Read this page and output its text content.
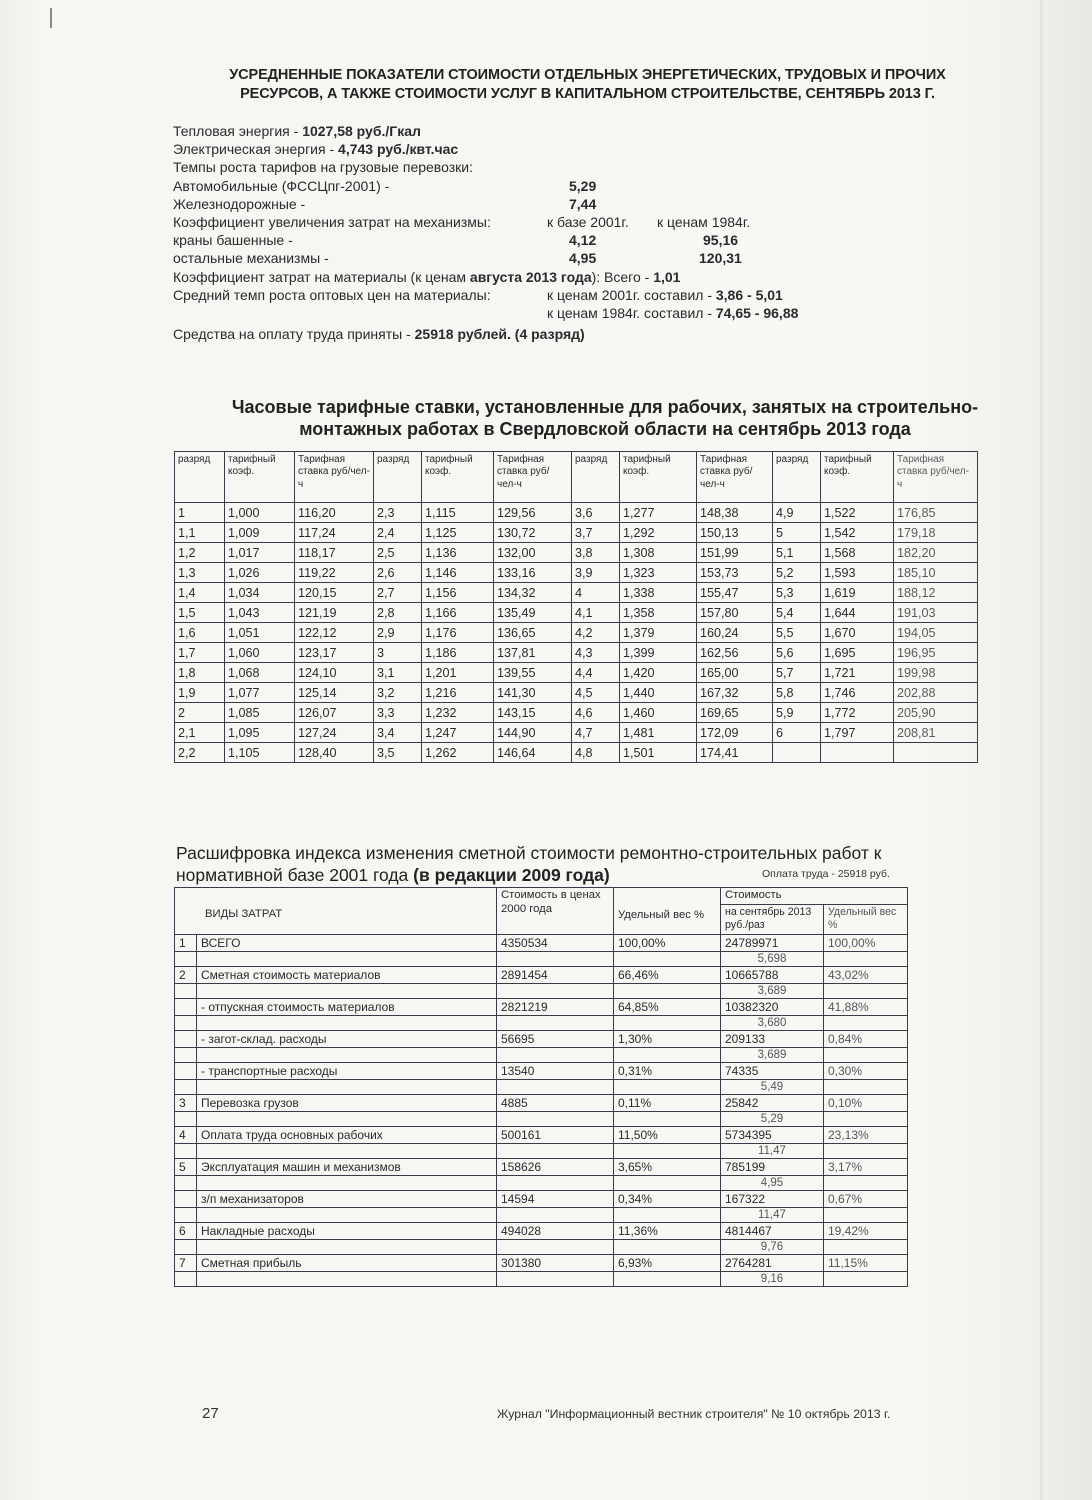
УСРЕДНЕННЫЕ ПОКАЗАТЕЛИ СТОИМОСТИ ОТДЕЛЬНЫХ ЭНЕРГЕТИЧЕСКИХ, ТРУДОВЫХ И ПРОЧИХ
РЕСУРСОВ, А ТАКЖЕ СТОИМОСТИ УСЛУГ В КАПИТАЛЬНОМ СТРОИТЕЛЬСТВЕ, СЕНТЯБРЬ 2013 Г.
Тепловая энергия - 1027,58 руб./Гкал
Электрическая энергия - 4,743 руб./квт.час
Темпы роста тарифов на грузовые перевозки:
Автомобильные (ФССЦпг-2001) -	5,29
Железнодорожные -	7,44
Коэффициент увеличения затрат на механизмы:	к базе 2001г. к ценам 1984г.
краны башенные -	4,12	95,16
остальные механизмы -	4,95	120,31
Коэффициент затрат на материалы (к ценам августа 2013 года): Всего - 1,01
Средний темп роста оптовых цен на материалы:	к ценам 2001г. составил - 3,86 - 5,01
к ценам 1984г. составил - 74,65 - 96,88
Средства на оплату труда приняты - 25918 рублей. (4 разряд)
Часовые тарифные ставки, установленные для рабочих, занятых на строительно-
монтажных работах в Свердловской области на сентябрь 2013 года
разряд	тарифный коэф.	Тарифная ставка руб/чел-ч	разряд	тарифный коэф.	Тарифная ставка руб/чел-ч	разряд	тарифный коэф.	Тарифная ставка руб/чел-ч	разряд	тарифный коэф.	Тарифная ставка руб/чел-ч
1	1,000	116,20	2,3	1,115	129,56	3,6	1,277	148,38	4,9	1,522	176,85
1,1	1,009	117,24	2,4	1,125	130,72	3,7	1,292	150,13	5	1,542	179,18
1,2	1,017	118,17	2,5	1,136	132,00	3,8	1,308	151,99	5,1	1,568	182,20
1,3	1,026	119,22	2,6	1,146	133,16	3,9	1,323	153,73	5,2	1,593	185,10
1,4	1,034	120,15	2,7	1,156	134,32	4	1,338	155,47	5,3	1,619	188,12
1,5	1,043	121,19	2,8	1,166	135,49	4,1	1,358	157,80	5,4	1,644	191,03
1,6	1,051	122,12	2,9	1,176	136,65	4,2	1,379	160,24	5,5	1,670	194,05
1,7	1,060	123,17	3	1,186	137,81	4,3	1,399	162,56	5,6	1,695	196,95
1,8	1,068	124,10	3,1	1,201	139,55	4,4	1,420	165,00	5,7	1,721	199,98
1,9	1,077	125,14	3,2	1,216	141,30	4,5	1,440	167,32	5,8	1,746	202,88
2	1,085	126,07	3,3	1,232	143,15	4,6	1,460	169,65	5,9	1,772	205,90
2,1	1,095	127,24	3,4	1,247	144,90	4,7	1,481	172,09	6	1,797	208,81
2,2	1,105	128,40	3,5	1,262	146,64	4,8	1,501	174,41			
Расшифровка индекса изменения сметной стоимости ремонтно-строительных работ к
нормативной базе 2001 года (в редакции 2009 года)	Оплата труда - 25918 руб.
ВИДЫ ЗАТРАТ		Стоимость в ценах 2000 года	Удельный вес %	Стоимость	
				на сентябрь 2013 руб./раз	Удельный вес %
1	ВСЕГО	4350534	100,00%	24789971	100,00%
				5,698	
2	Сметная стоимость материалов	2891454	66,46%	10665788	43,02%
				3,689	
	- отпускная стоимость материалов	2821219	64,85%	10382320	41,88%
				3,680	
	- загот-склад. расходы	56695	1,30%	209133	0,84%
				3,689	
	- транспортные расходы	13540	0,31%	74335	0,30%
				5,49	
3	Перевозка грузов	4885	0,11%	25842	0,10%
				5,29	
4	Оплата труда основных рабочих	500161	11,50%	5734395	23,13%
				11,47	
5	Эксплуатация машин и механизмов	158626	3,65%	785199	3,17%
				4,95	
	з/п механизаторов	14594	0,34%	167322	0,67%
				11,47	
6	Накладные расходы	494028	11,36%	4814467	19,42%
				9,76	
7	Сметная прибыль	301380	6,93%	2764281	11,15%
				9,16	
27	Журнал "Информационный вестник строителя" № 10 октябрь 2013 г.
